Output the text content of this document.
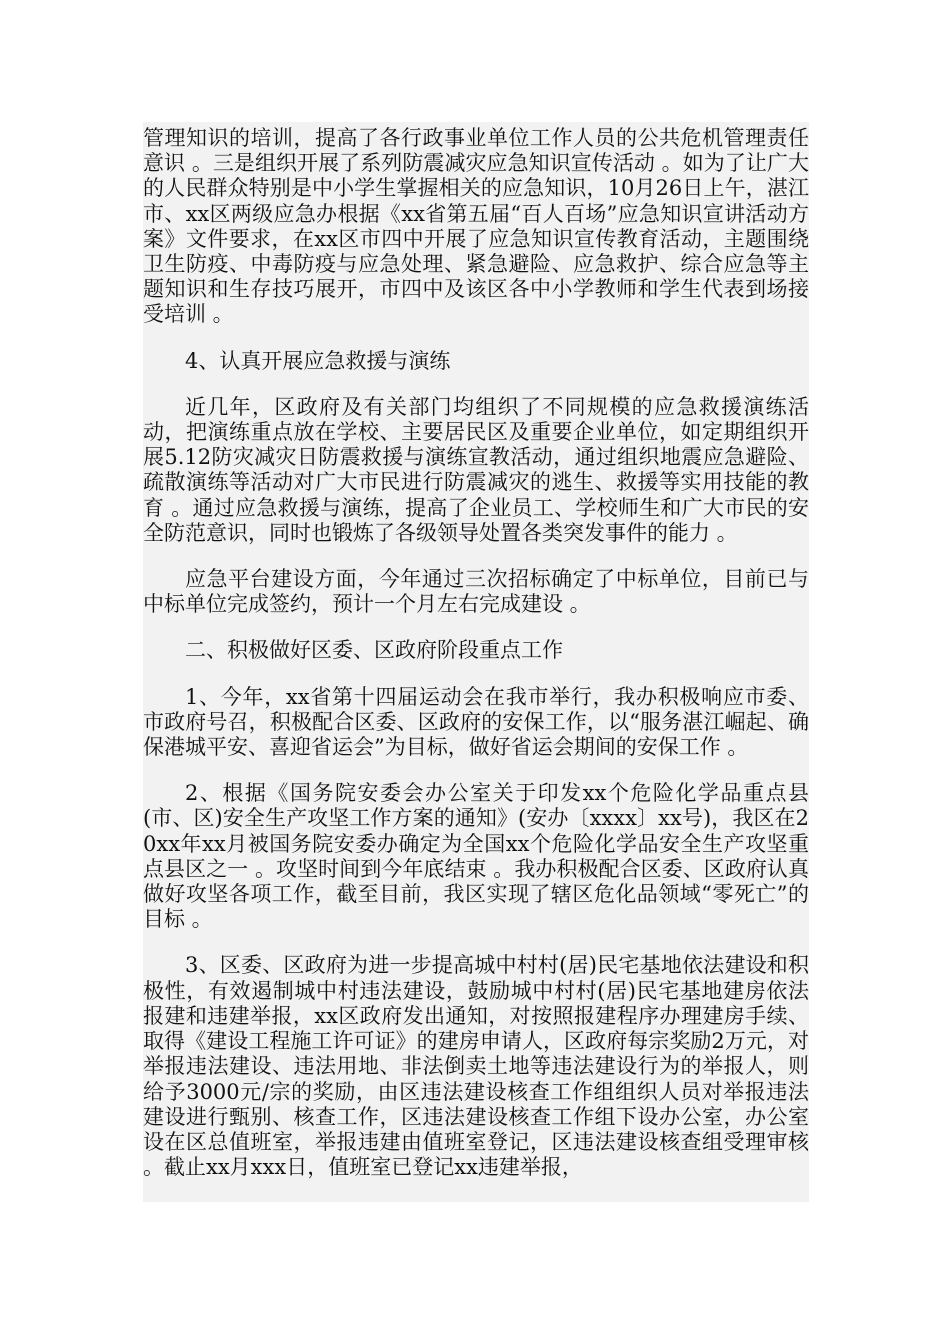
管理知识的培训，提高了各行政事业单位工作人员的公共危机管理责任意识 。三是组织开展了系列防震减灾应急知识宣传活动 。如为了让广大的人民群众特别是中小学生掌握相关的应急知识，10月26日上午，湛江市、xx区两级应急办根据《xx省第五届“百人百场”应急知识宣讲活动方案》文件要求，在xx区市四中开展了应急知识宣传教育活动，主题围绕卫生防疫、中毒防疫与应急处理、紧急避险、应急救护、综合应急等主题知识和生存技巧展开，市四中及该区各中小学教师和学生代表到场接受培训 。

4、认真开展应急救援与演练

近几年，区政府及有关部门均组织了不同规模的应急救援演练活动，把演练重点放在学校、主要居民区及重要企业单位，如定期组织开展5.12防灾减灾日防震救援与演练宣教活动，通过组织地震应急避险、疏散演练等活动对广大市民进行防震减灾的逃生、救援等实用技能的教育 。通过应急救援与演练，提高了企业员工、学校师生和广大市民的安全防范意识，同时也锻炼了各级领导处置各类突发事件的能力 。

应急平台建设方面，今年通过三次招标确定了中标单位，目前已与中标单位完成签约，预计一个月左右完成建设 。

二、积极做好区委、区政府阶段重点工作

1、今年，xx省第十四届运动会在我市举行，我办积极响应市委、市政府号召，积极配合区委、区政府的安保工作，以“服务湛江崛起、确保港城平安、喜迎省运会”为目标，做好省运会期间的安保工作 。

2、根据《国务院安委会办公室关于印发xx个危险化学品重点县(市、区)安全生产攻坚工作方案的通知》(安办〔xxxx〕xx号)，我区在20xx年xx月被国务院安委办确定为全国xx个危险化学品安全生产攻坚重点县区之一 。攻坚时间到今年底结束 。我办积极配合区委、区政府认真做好攻坚各项工作，截至目前，我区实现了辖区危化品领域“零死亡”的目标 。

3、区委、区政府为进一步提高城中村村(居)民宅基地依法建设和积极性，有效遏制城中村违法建设，鼓励城中村村(居)民宅基地建房依法报建和违建举报，xx区政府发出通知，对按照报建程序办理建房手续、取得《建设工程施工许可证》的建房申请人，区政府每宗奖励2万元，对举报违法建设、违法用地、非法倒卖土地等违法建设行为的举报人，则给予3000元/宗的奖励，由区违法建设核查工作组组织人员对举报违法建设进行甄别、核查工作，区违法建设核查工作组下设办公室，办公室设在区总值班室，举报违建由值班室登记，区违法建设核查组受理审核 。截止xx月xxx日，值班室已登记xx违建举报，
